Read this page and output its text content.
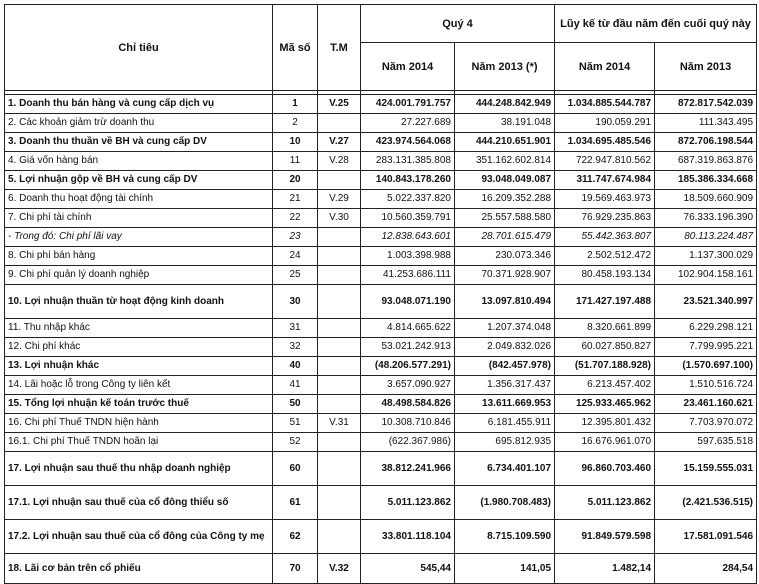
Chỉ tiêu	Mã số	T.M	Quý 4		Lũy kế từ đầu năm đến cuối quý này	
			Năm 2014	Năm 2013 (*)	Năm 2014	Năm 2013

1. Doanh thu bán hàng và cung cấp dịch vụ	1	V.25	424.001.791.757	444.248.842.949	1.034.885.544.787	872.817.542.039
2. Các khoản giảm trừ doanh thu	2		27.227.689	38.191.048	190.059.291	111.343.495
3. Doanh thu thuần về BH và cung cấp DV	10	V.27	423.974.564.068	444.210.651.901	1.034.695.485.546	872.706.198.544
4. Giá vốn hàng bán	11	V.28	283.131.385.808	351.162.602.814	722.947.810.562	687.319.863.876
5. Lợi nhuận gộp về BH và cung cấp DV	20		140.843.178.260	93.048.049.087	311.747.674.984	185.386.334.668
6. Doanh thu hoạt động tài chính	21	V.29	5.022.337.820	16.209.352.288	19.569.463.973	18.509.660.909
7. Chi phí tài chính	22	V.30	10.560.359.791	25.557.588.580	76.929.235.863	76.333.196.390
- Trong đó: Chi phí lãi vay	23		12.838.643.601	28.701.615.479	55.442.363.807	80.113.224.487
8. Chi phí bán hàng	24		1.003.398.988	230.073.346	2.502.512.472	1.137.300.029
9. Chi phí quản lý doanh nghiệp	25		41.253.686.111	70.371.928.907	80.458.193.134	102.904.158.161
10. Lợi nhuận thuần từ hoạt động kinh doanh	30		93.048.071.190	13.097.810.494	171.427.197.488	23.521.340.997
11. Thu nhập khác	31		4.814.665.622	1.207.374.048	8.320.661.899	6.229.298.121
12. Chi phí khác	32		53.021.242.913	2.049.832.026	60.027.850.827	7.799.995.221
13. Lợi nhuận khác	40		(48.206.577.291)	(842.457.978)	(51.707.188.928)	(1.570.697.100)
14. Lãi hoặc lỗ trong Công ty liên kết	41		3.657.090.927	1.356.317.437	6.213.457.402	1.510.516.724
15. Tổng lợi nhuận kế toán trước thuế	50		48.498.584.826	13.611.669.953	125.933.465.962	23.461.160.621
16. Chi phí Thuế TNDN hiện hành	51	V.31	10.308.710.846	6.181.455.911	12.395.801.432	7.703.970.072
16.1. Chi phí Thuế TNDN hoãn lại	52		(622.367.986)	695.812.935	16.676.961.070	597.635.518
17. Lợi nhuận sau thuế thu nhập doanh nghiệp	60		38.812.241.966	6.734.401.107	96.860.703.460	15.159.555.031
17.1. Lợi nhuận sau thuế của cổ đông thiểu số	61		5.011.123.862	(1.980.708.483)	5.011.123.862	(2.421.536.515)
17.2. Lợi nhuận sau thuế của cổ đông của Công ty mẹ	62		33.801.118.104	8.715.109.590	91.849.579.598	17.581.091.546
18. Lãi cơ bản trên cổ phiếu	70	V.32	545,44	141,05	1.482,14	284,54
